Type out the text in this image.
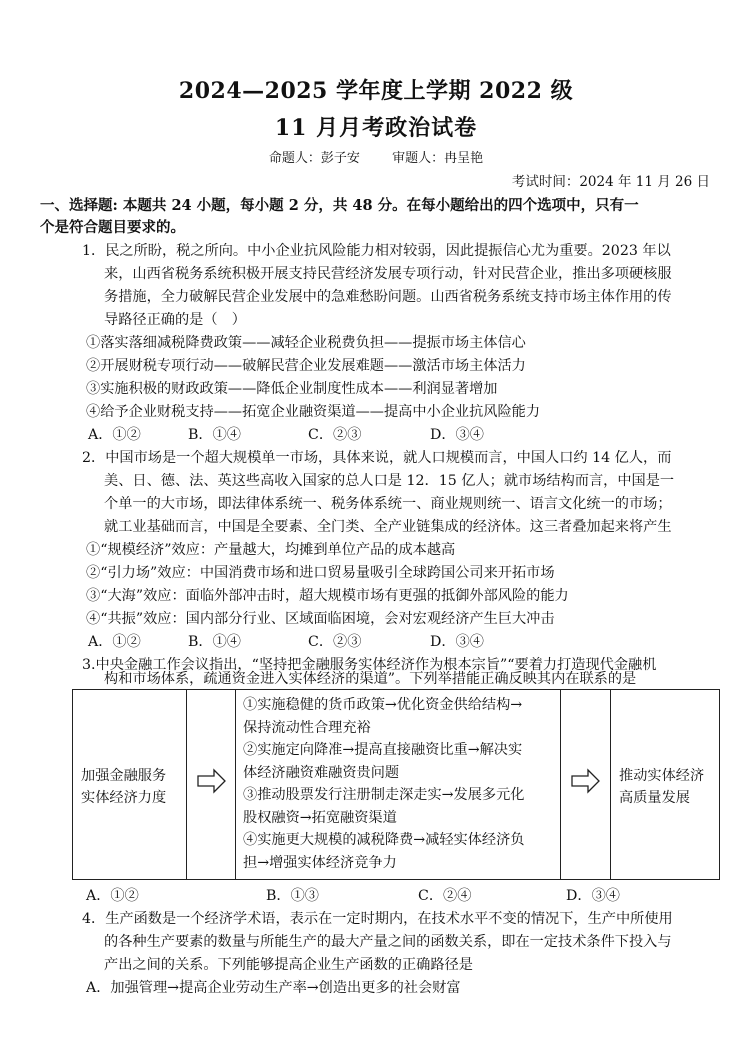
2024—2025 学年度上学期 2022 级
11 月月考政治试卷
命题人：彭子安 审题人：冉呈艳
考试时间：2024 年 11 月 26 日
一、选择题: 本题共 24 小题，每小题 2 分，共 48 分。在每小题给出的四个选项中，只有一
个是符合题目要求的。
1．民之所盼，税之所向。中小企业抗风险能力相对较弱，因此提振信心尤为重要。2023 年以
来，山西省税务系统积极开展支持民营经济发展专项行动，针对民营企业，推出多项硬核服
务措施，全力破解民营企业发展中的急难愁盼问题。山西省税务系统支持市场主体作用的传
导路径正确的是（　）
①落实落细减税降费政策——减轻企业税费负担——提振市场主体信心
②开展财税专项行动——破解民营企业发展难题——激活市场主体活力
③实施积极的财政政策——降低企业制度性成本——利润显著增加
④给予企业财税支持——拓宽企业融资渠道——提高中小企业抗风险能力
A．①②	B．①④	C．②③	D．③④
2．中国市场是一个超大规模单一市场，具体来说，就人口规模而言，中国人口约 14 亿人，而
美、日、德、法、英这些高收入国家的总人口是 12．15 亿人；就市场结构而言，中国是一
个单一的大市场，即法律体系统一、税务体系统一、商业规则统一、语言文化统一的市场；
就工业基础而言，中国是全要素、全门类、全产业链集成的经济体。这三者叠加起来将产生
①“规模经济”效应：产量越大，均摊到单位产品的成本越高
②“引力场”效应：中国消费市场和进口贸易量吸引全球跨国公司来开拓市场
③“大海”效应：面临外部冲击时，超大规模市场有更强的抵御外部风险的能力
④“共振”效应：国内部分行业、区域面临困境，会对宏观经济产生巨大冲击
A．①②	B．①④	C．②③	D．③④
3.中央金融工作会议指出，“坚持把金融服务实体经济作为根本宗旨”“要着力打造现代金融机
构和市场体系，疏通资金进入实体经济的渠道”。下列举措能正确反映其内在联系的是
加强金融服务
实体经济力度
①实施稳健的货币政策→优化资金供给结构→
保持流动性合理充裕
②实施定向降准→提高直接融资比重→解决实
体经济融资难融资贵问题
③推动股票发行注册制走深走实→发展多元化
股权融资→拓宽融资渠道
④实施更大规模的减税降费→减轻实体经济负
担→增强实体经济竞争力
推动实体经济
高质量发展
A．①②	B．①③	C．②④	D．③④
4．生产函数是一个经济学术语，表示在一定时期内，在技术水平不变的情况下，生产中所使用
的各种生产要素的数量与所能生产的最大产量之间的函数关系，即在一定技术条件下投入与
产出之间的关系。下列能够提高企业生产函数的正确路径是
A．加强管理→提高企业劳动生产率→创造出更多的社会财富
